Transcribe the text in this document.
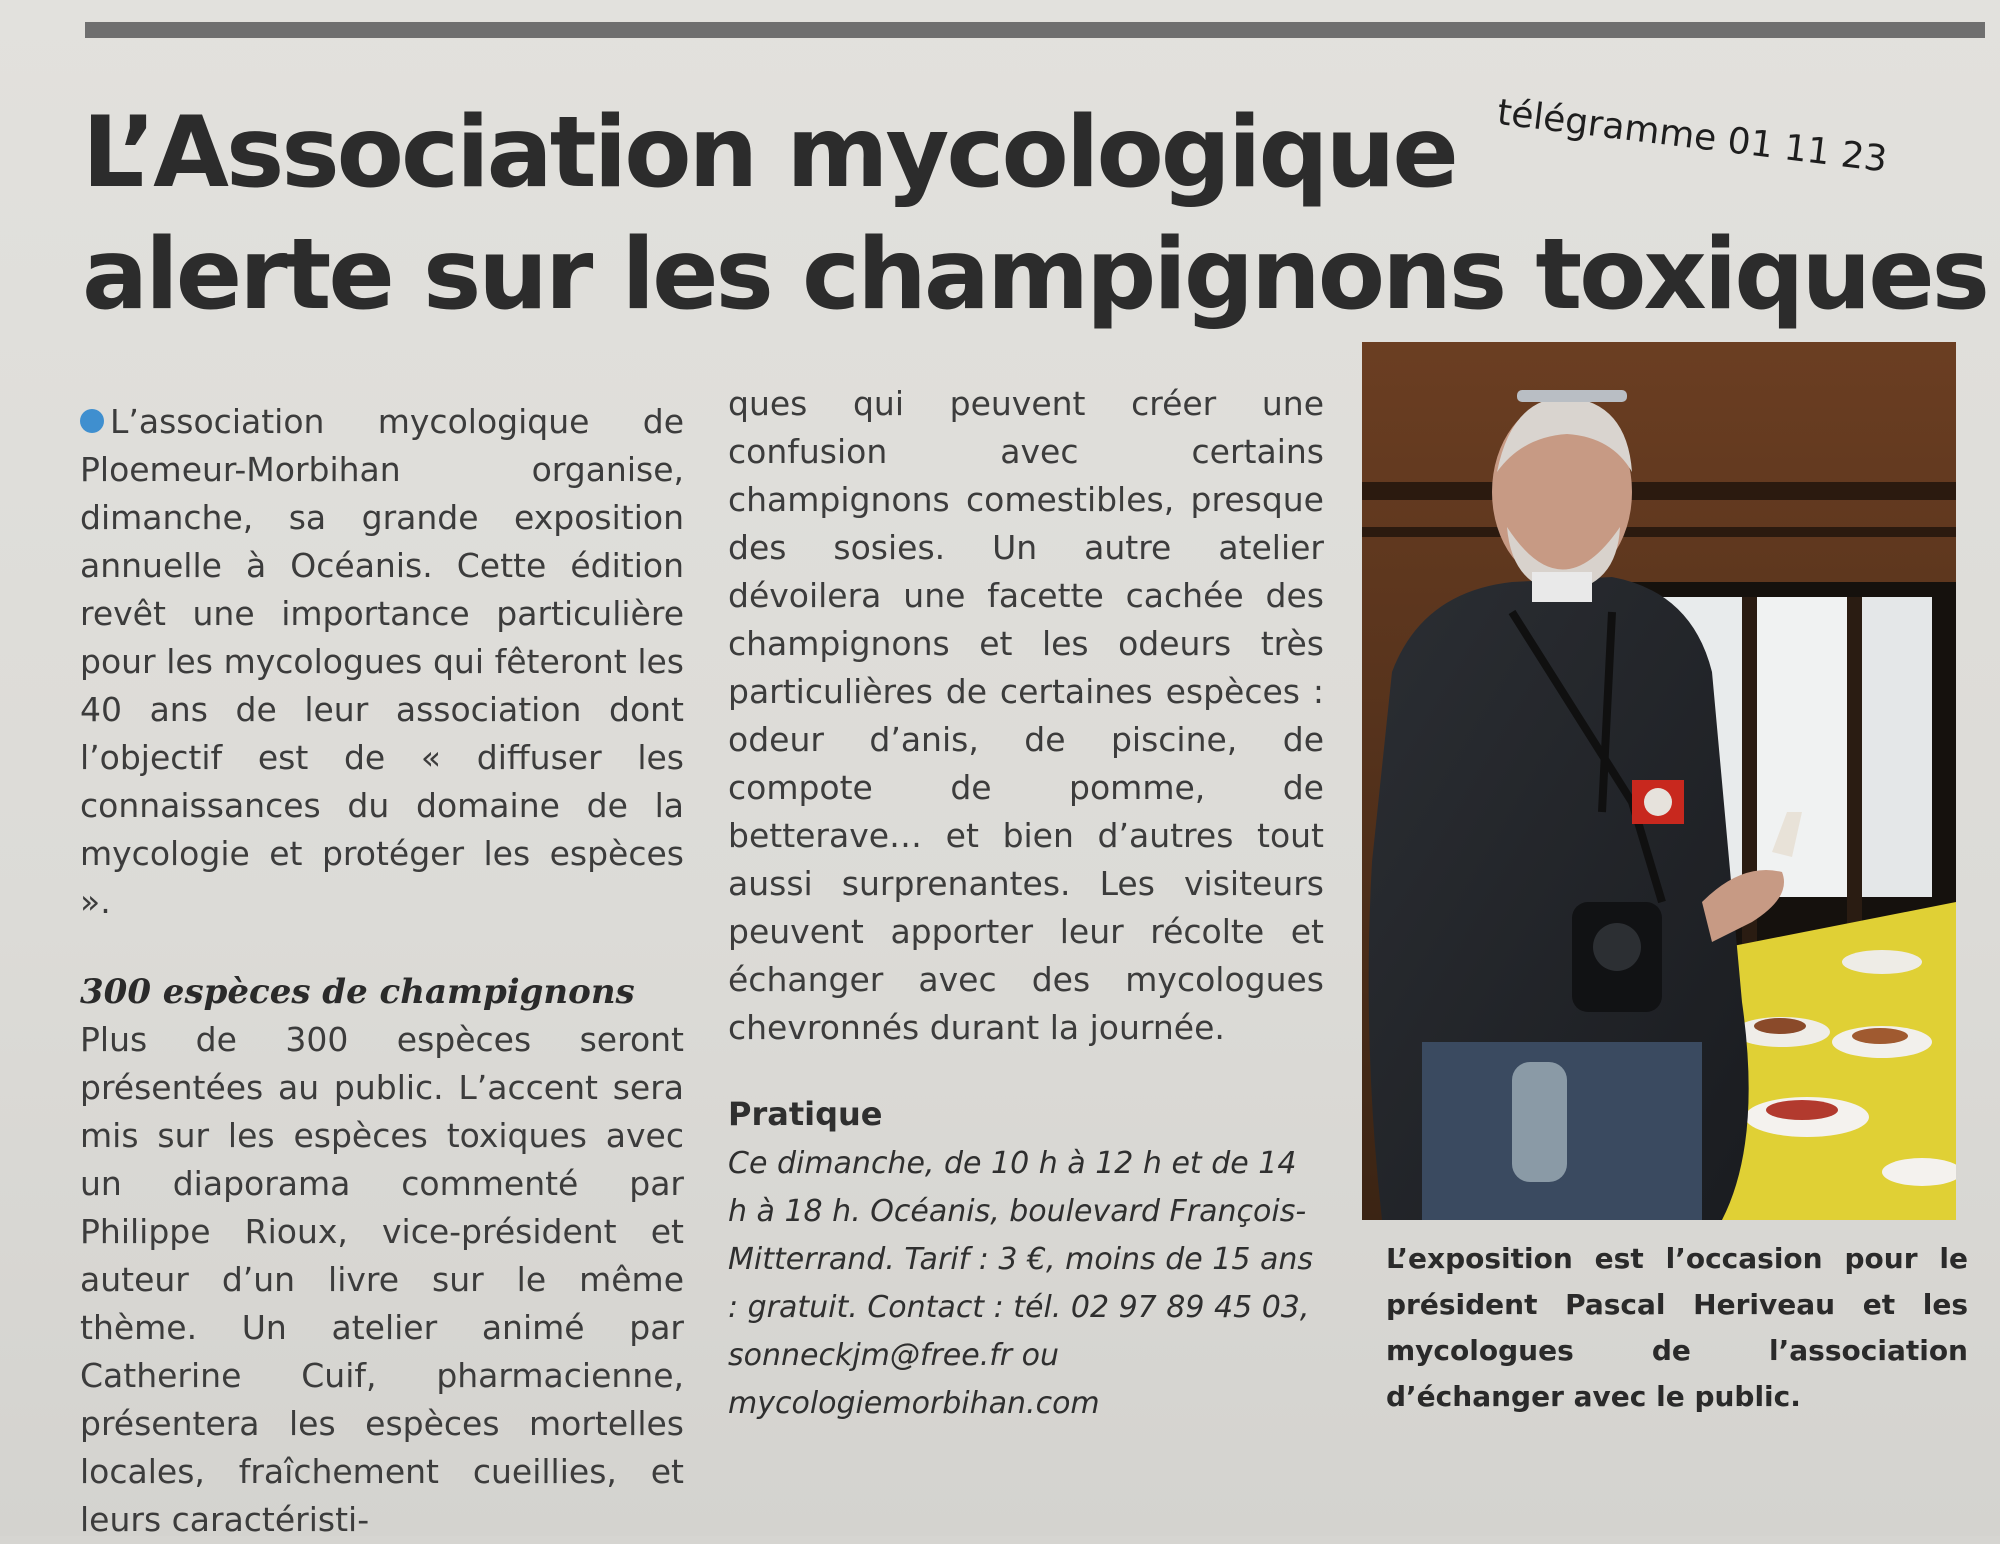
L’Association mycologique
alerte sur les champignons toxiques
télégramme 01 11 23

L’association mycologique de Ploemeur-Morbihan organise, dimanche, sa grande exposition annuelle à Océanis. Cette édition revêt une importance particulière pour les mycologues qui fêteront les 40 ans de leur association dont l’objectif est de « diffuser les connaissances du domaine de la mycologie et protéger les espèces ».

300 espèces de champignons

Plus de 300 espèces seront présentées au public. L’accent sera mis sur les espèces toxiques avec un diaporama commenté par Philippe Rioux, vice-président et auteur d’un livre sur le même thème. Un atelier animé par Catherine Cuif, pharmacienne, présentera les espèces mortelles locales, fraîchement cueillies, et leurs caractéristi-

ques qui peuvent créer une confusion avec certains champignons comestibles, presque des sosies. Un autre atelier dévoilera une facette cachée des champignons et les odeurs très particulières de certaines espèces : odeur d’anis, de piscine, de compote de pomme, de betterave… et bien d’autres tout aussi surprenantes. Les visiteurs peuvent apporter leur récolte et échanger avec des mycologues chevronnés durant la journée.

Pratique

Ce dimanche, de 10 h à 12 h et de 14 h à 18 h. Océanis, boulevard François-Mitterrand. Tarif : 3 €, moins de 15 ans : gratuit. Contact : tél. 02 97 89 45 03, sonneckjm@free.fr ou mycologiemorbihan.com

L’exposition est l’occasion pour le président Pascal Heriveau et les mycologues de l’association d’échanger avec le public.
